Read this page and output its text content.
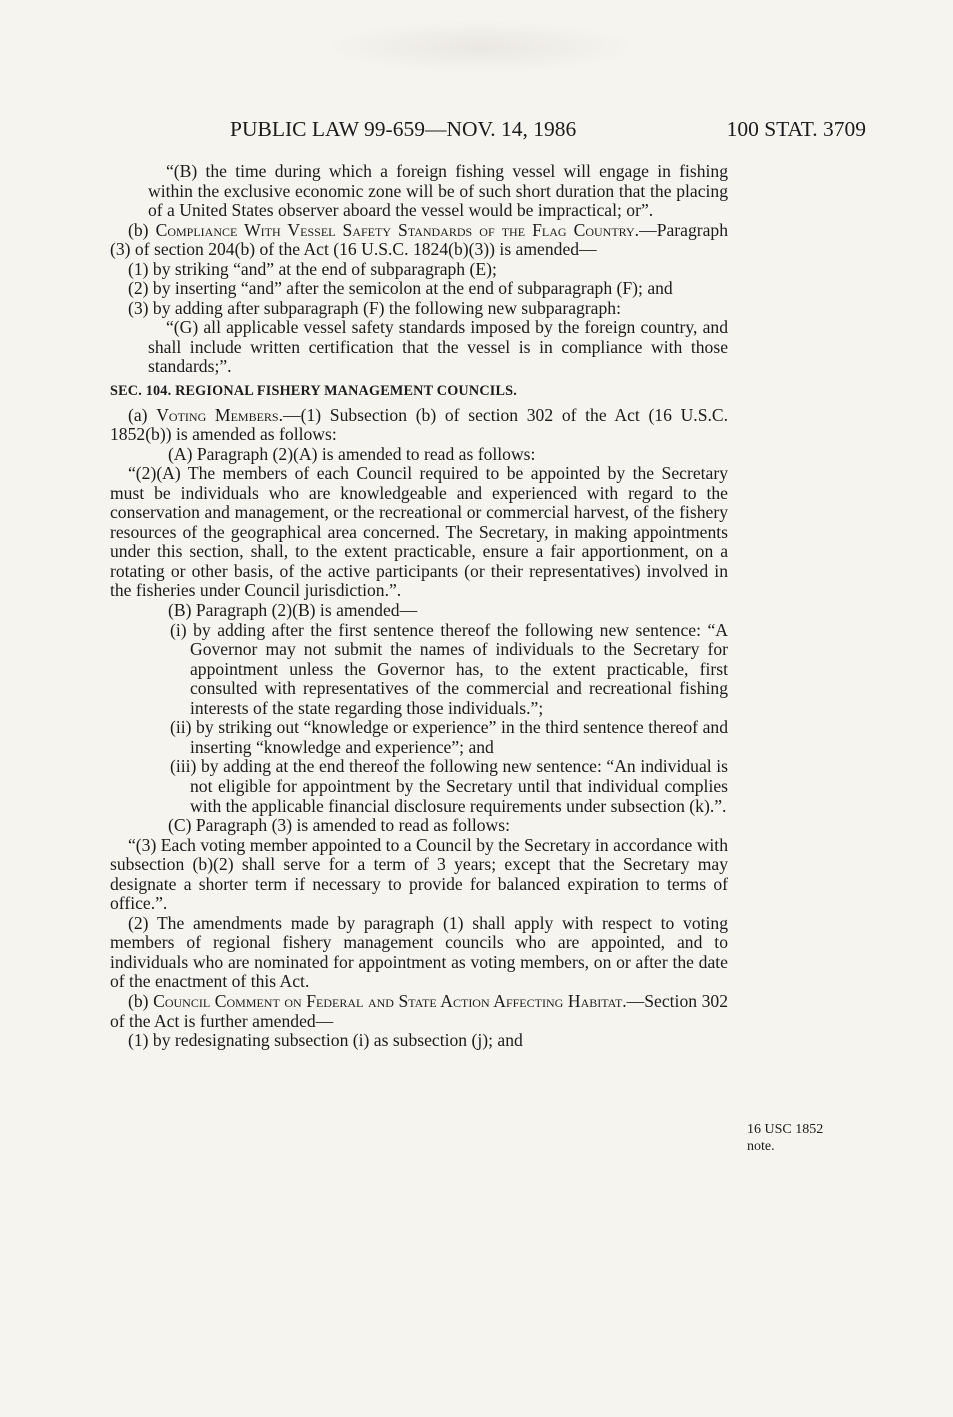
PUBLIC LAW 99-659—NOV. 14, 1986	100 STAT. 3709

“(B) the time during which a foreign fishing vessel will engage in fishing within the exclusive economic zone will be of such short duration that the placing of a United States observer aboard the vessel would be impractical; or”.

(b) Compliance With Vessel Safety Standards of the Flag Country.—Paragraph (3) of section 204(b) of the Act (16 U.S.C. 1824(b)(3)) is amended—

(1) by striking “and” at the end of subparagraph (E);

(2) by inserting “and” after the semicolon at the end of subparagraph (F); and

(3) by adding after subparagraph (F) the following new subparagraph:

“(G) all applicable vessel safety standards imposed by the foreign country, and shall include written certification that the vessel is in compliance with those standards;”.

SEC. 104. REGIONAL FISHERY MANAGEMENT COUNCILS.

(a) Voting Members.—(1) Subsection (b) of section 302 of the Act (16 U.S.C. 1852(b)) is amended as follows:

(A) Paragraph (2)(A) is amended to read as follows:

“(2)(A) The members of each Council required to be appointed by the Secretary must be individuals who are knowledgeable and experienced with regard to the conservation and management, or the recreational or commercial harvest, of the fishery resources of the geographical area concerned. The Secretary, in making appointments under this section, shall, to the extent practicable, ensure a fair apportionment, on a rotating or other basis, of the active participants (or their representatives) involved in the fisheries under Council jurisdiction.”.

(B) Paragraph (2)(B) is amended—

(i) by adding after the first sentence thereof the following new sentence: “A Governor may not submit the names of individuals to the Secretary for appointment unless the Governor has, to the extent practicable, first consulted with representatives of the commercial and recreational fishing interests of the state regarding those individuals.”;

(ii) by striking out “knowledge or experience” in the third sentence thereof and inserting “knowledge and experience”; and

(iii) by adding at the end thereof the following new sentence: “An individual is not eligible for appointment by the Secretary until that individual complies with the applicable financial disclosure requirements under subsection (k).”.

(C) Paragraph (3) is amended to read as follows:

“(3) Each voting member appointed to a Council by the Secretary in accordance with subsection (b)(2) shall serve for a term of 3 years; except that the Secretary may designate a shorter term if necessary to provide for balanced expiration to terms of office.”.

(2) The amendments made by paragraph (1) shall apply with respect to voting members of regional fishery management councils who are appointed, and to individuals who are nominated for appointment as voting members, on or after the date of the enactment of this Act.

(b) Council Comment on Federal and State Action Affecting Habitat.—Section 302 of the Act is further amended—

(1) by redesignating subsection (i) as subsection (j); and

16 USC 1852
note.
